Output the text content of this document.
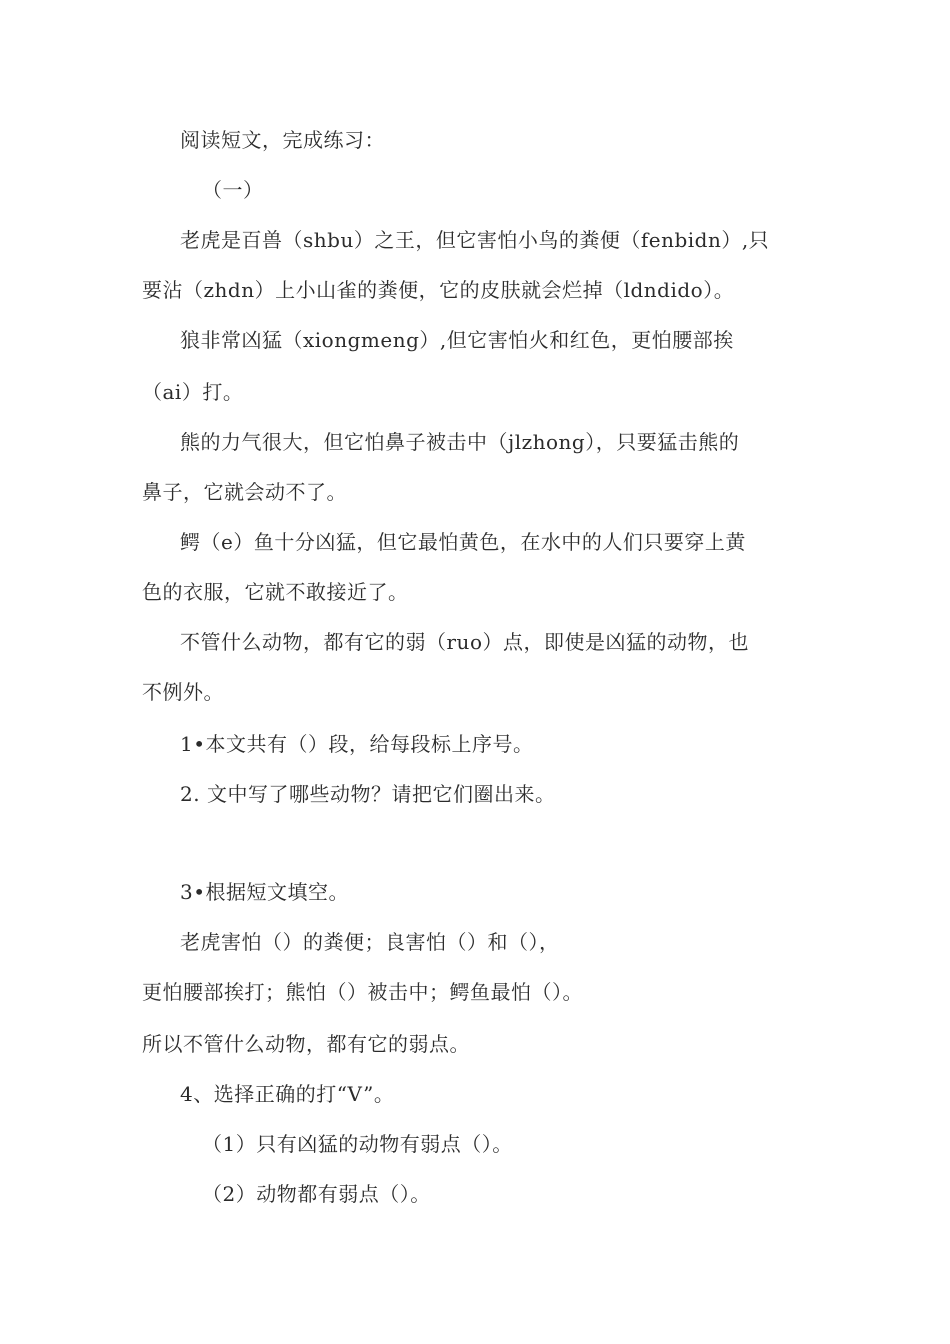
阅读短文，完成练习：
（一）
老虎是百兽（shbu）之王，但它害怕小鸟的粪便（fenbidn）,只
要沾（zhdn）上小山雀的粪便，它的皮肤就会烂掉（ldndido）。
狼非常凶猛（xiongmeng）,但它害怕火和红色，更怕腰部挨
（ai）打。
熊的力气很大，但它怕鼻子被击中（jlzhong），只要猛击熊的
鼻子，它就会动不了。
鳄（e）鱼十分凶猛，但它最怕黄色，在水中的人们只要穿上黄
色的衣服，它就不敢接近了。
不管什么动物，都有它的弱（ruo）点，即使是凶猛的动物，也
不例外。
1•本文共有（）段，给每段标上序号。
2. 文中写了哪些动物？请把它们圈出来。
3•根据短文填空。
老虎害怕（）的粪便；良害怕（）和（），
更怕腰部挨打；熊怕（）被击中；鳄鱼最怕（）。
所以不管什么动物，都有它的弱点。
4、选择正确的打“V”。
（1）只有凶猛的动物有弱点（）。
（2）动物都有弱点（）。
